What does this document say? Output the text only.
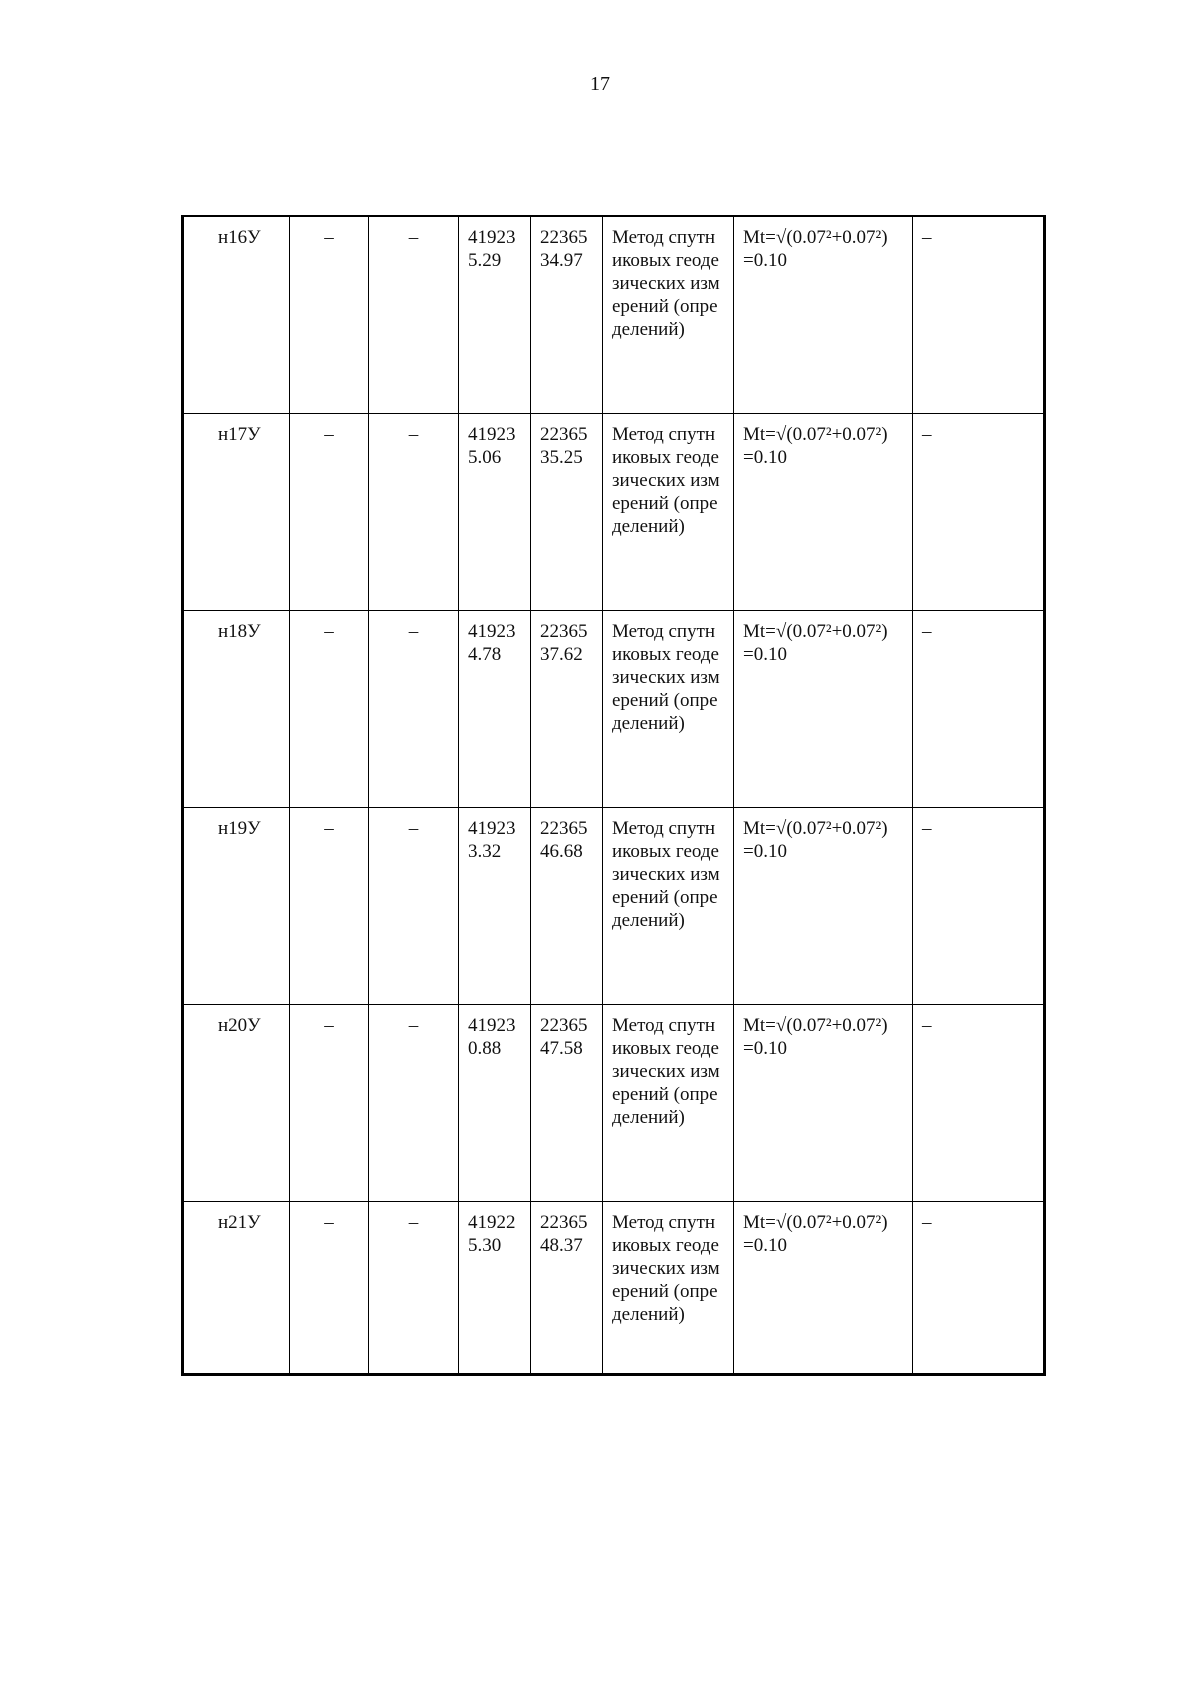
17
н16У	–	–	419235.29	2236534.97	Метод спутниковых геодезических измерений (определений)	Mt=√(0.07²+0.07²) =0.10	–
н17У	–	–	419235.06	2236535.25	Метод спутниковых геодезических измерений (определений)	Mt=√(0.07²+0.07²) =0.10	–
н18У	–	–	419234.78	2236537.62	Метод спутниковых геодезических измерений (определений)	Mt=√(0.07²+0.07²) =0.10	–
н19У	–	–	419233.32	2236546.68	Метод спутниковых геодезических измерений (определений)	Mt=√(0.07²+0.07²) =0.10	–
н20У	–	–	419230.88	2236547.58	Метод спутниковых геодезических измерений (определений)	Mt=√(0.07²+0.07²) =0.10	–
н21У	–	–	419225.30	2236548.37	Метод спутниковых геодезических измерений (определений)	Mt=√(0.07²+0.07²) =0.10	–
